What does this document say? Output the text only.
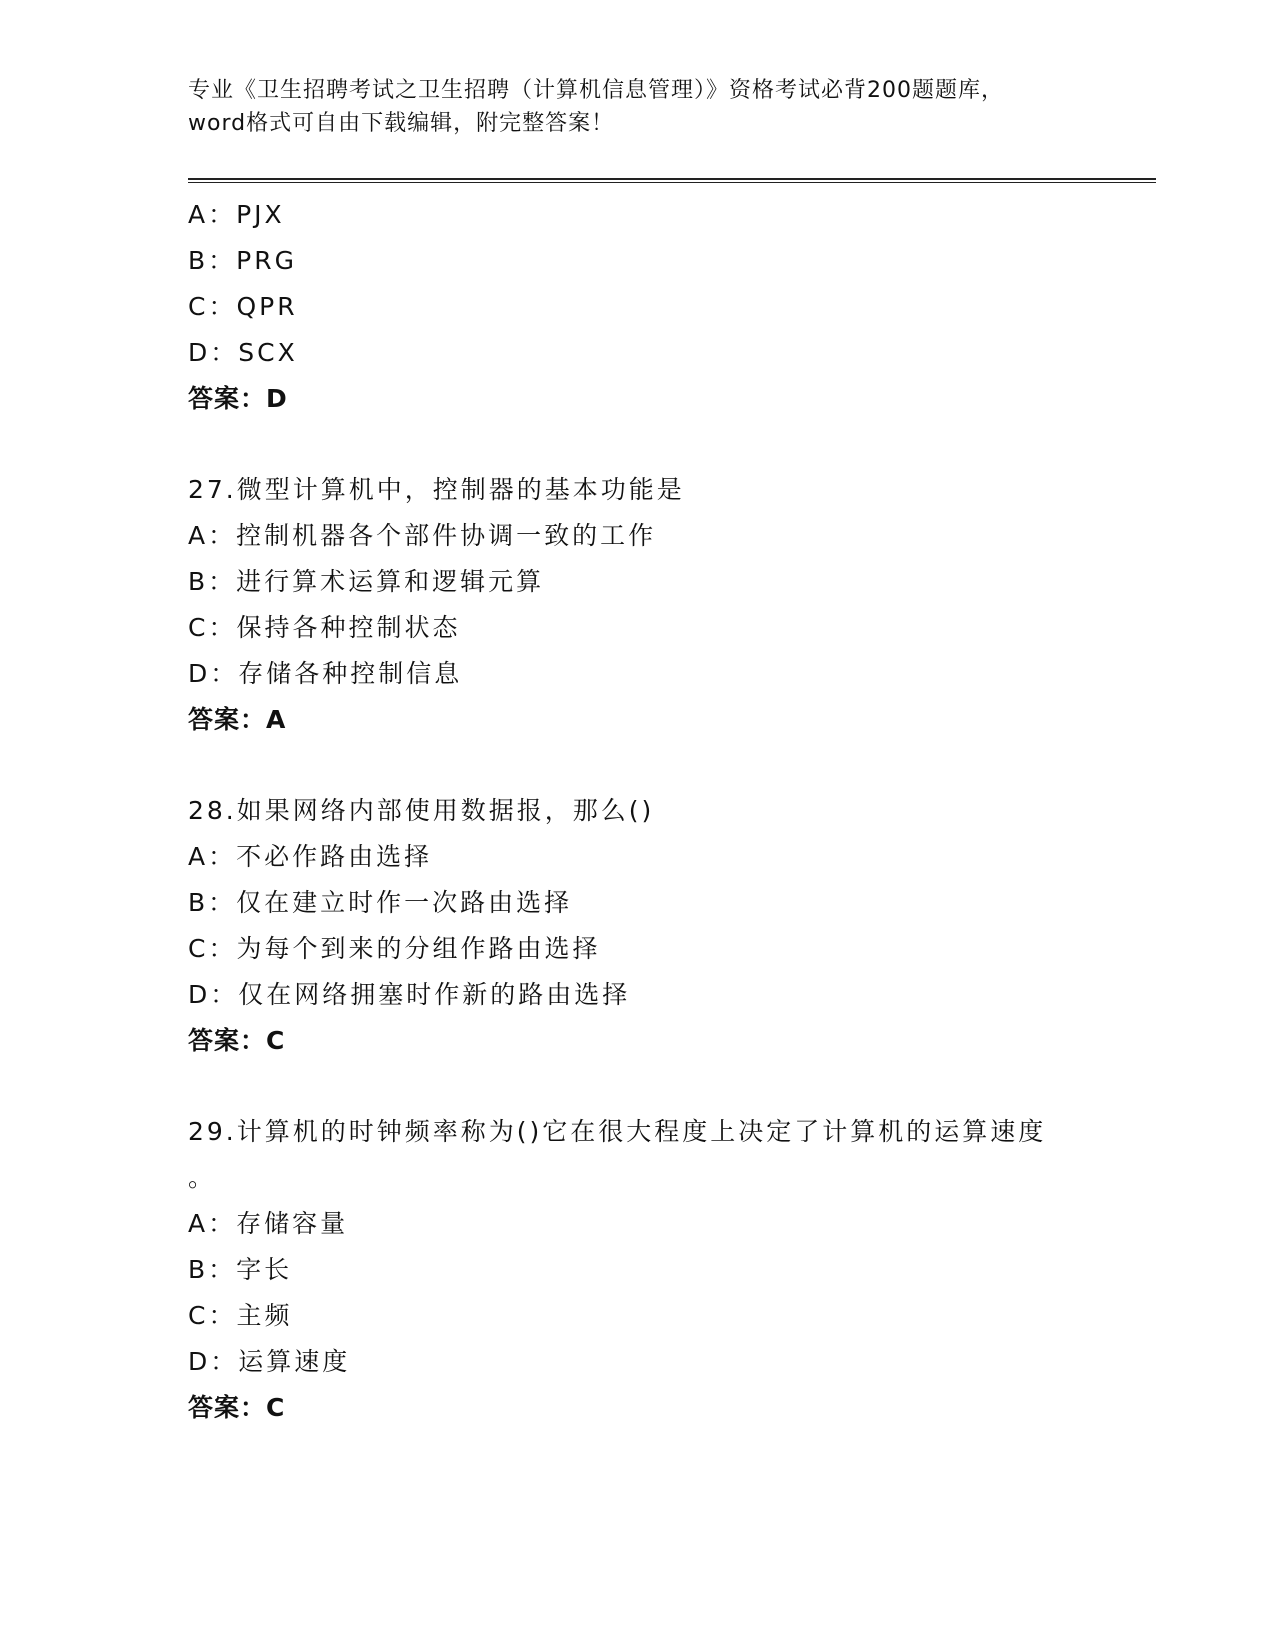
专业《卫生招聘考试之卫生招聘（计算机信息管理）》资格考试必背200题题库，
word格式可自由下载编辑，附完整答案！
A：PJX
B：PRG
C：QPR
D：SCX
答案：D
27.微型计算机中，控制器的基本功能是
A：控制机器各个部件协调一致的工作
B：进行算术运算和逻辑元算
C：保持各种控制状态
D：存储各种控制信息
答案：A
28.如果网络内部使用数据报，那么()
A：不必作路由选择
B：仅在建立时作一次路由选择
C：为每个到来的分组作路由选择
D：仅在网络拥塞时作新的路由选择
答案：C
29.计算机的时钟频率称为()它在很大程度上决定了计算机的运算速度
。
A：存储容量
B：字长
C：主频
D：运算速度
答案：C
